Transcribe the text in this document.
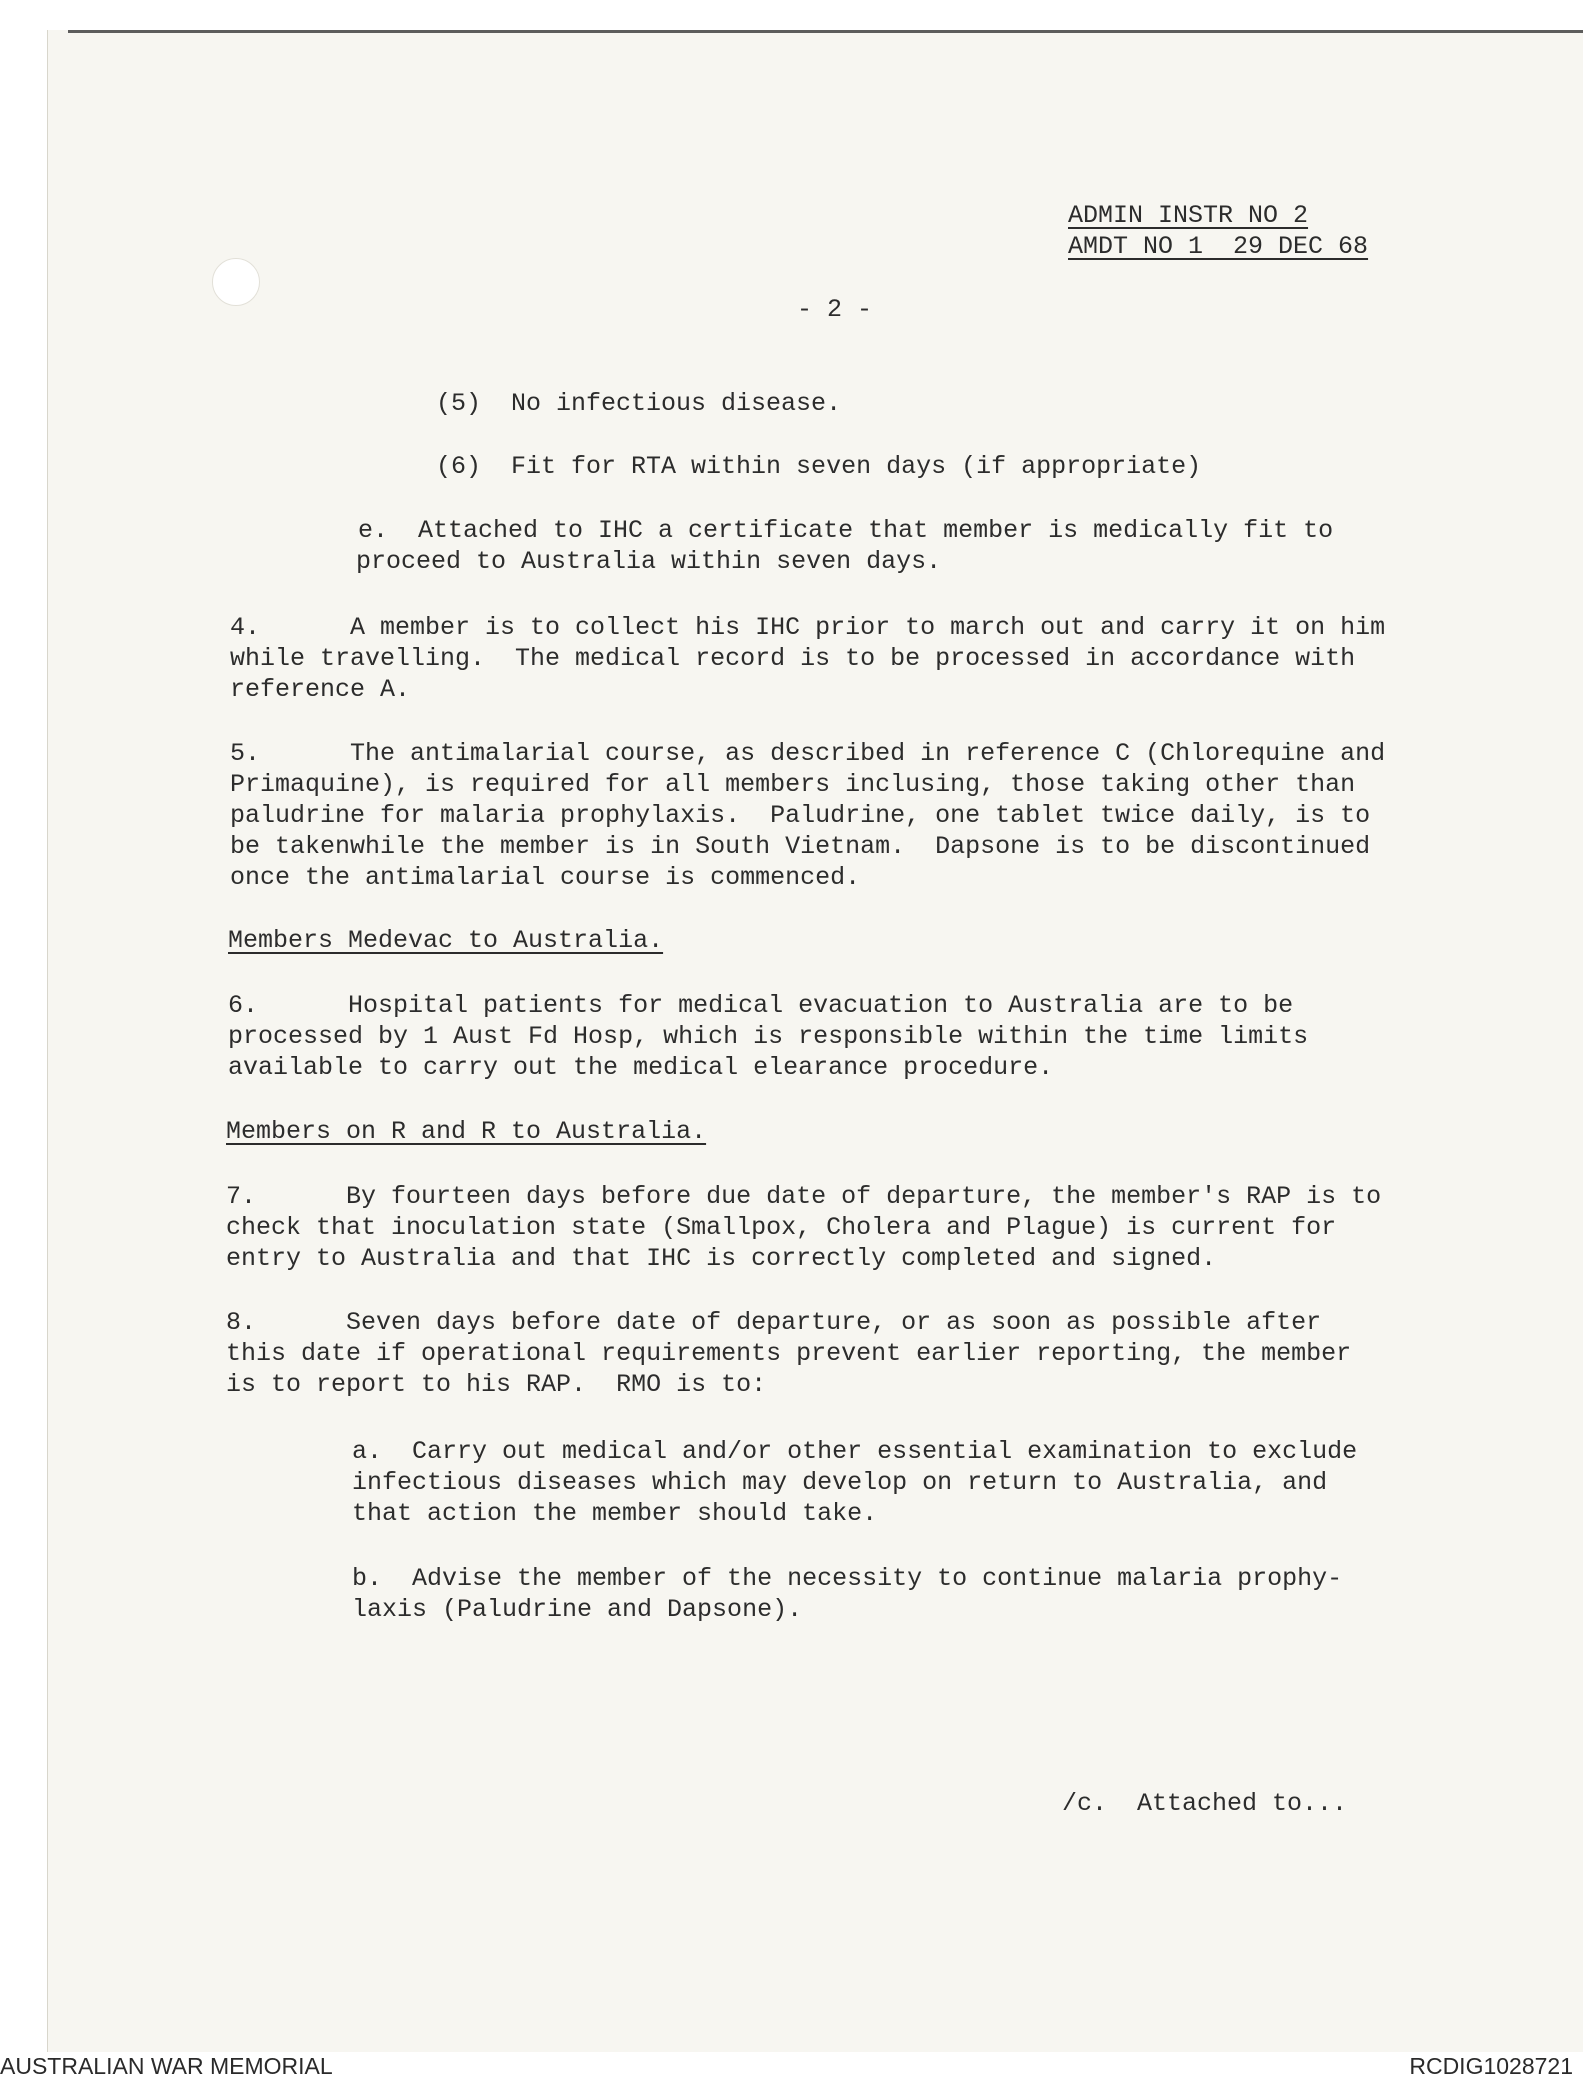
ADMIN INSTR NO 2

AMDT NO 1  29 DEC 68

- 2 -

(5)  No infectious disease.

(6)  Fit for RTA within seven days (if appropriate)

e.  Attached to IHC a certificate that member is medically fit to

proceed to Australia within seven days.

4.      A member is to collect his IHC prior to march out and carry it on him

while travelling.  The medical record is to be processed in accordance with

reference A.

5.      The antimalarial course, as described in reference C (Chlorequine and

Primaquine), is required for all members inclusing, those taking other than

paludrine for malaria prophylaxis.  Paludrine, one tablet twice daily, is to

be takenwhile the member is in South Vietnam.  Dapsone is to be discontinued

once the antimalarial course is commenced.

Members Medevac to Australia.

6.      Hospital patients for medical evacuation to Australia are to be

processed by 1 Aust Fd Hosp, which is responsible within the time limits

available to carry out the medical elearance procedure.

Members on R and R to Australia.

7.      By fourteen days before due date of departure, the member's RAP is to

check that inoculation state (Smallpox, Cholera and Plague) is current for

entry to Australia and that IHC is correctly completed and signed.

8.      Seven days before date of departure, or as soon as possible after

this date if operational requirements prevent earlier reporting, the member

is to report to his RAP.  RMO is to:

a.  Carry out medical and/or other essential examination to exclude

infectious diseases which may develop on return to Australia, and

that action the member should take.

b.  Advise the member of the necessity to continue malaria prophy-

laxis (Paludrine and Dapsone).

/c.  Attached to...

AUSTRALIAN WAR MEMORIAL	RCDIG1028721
